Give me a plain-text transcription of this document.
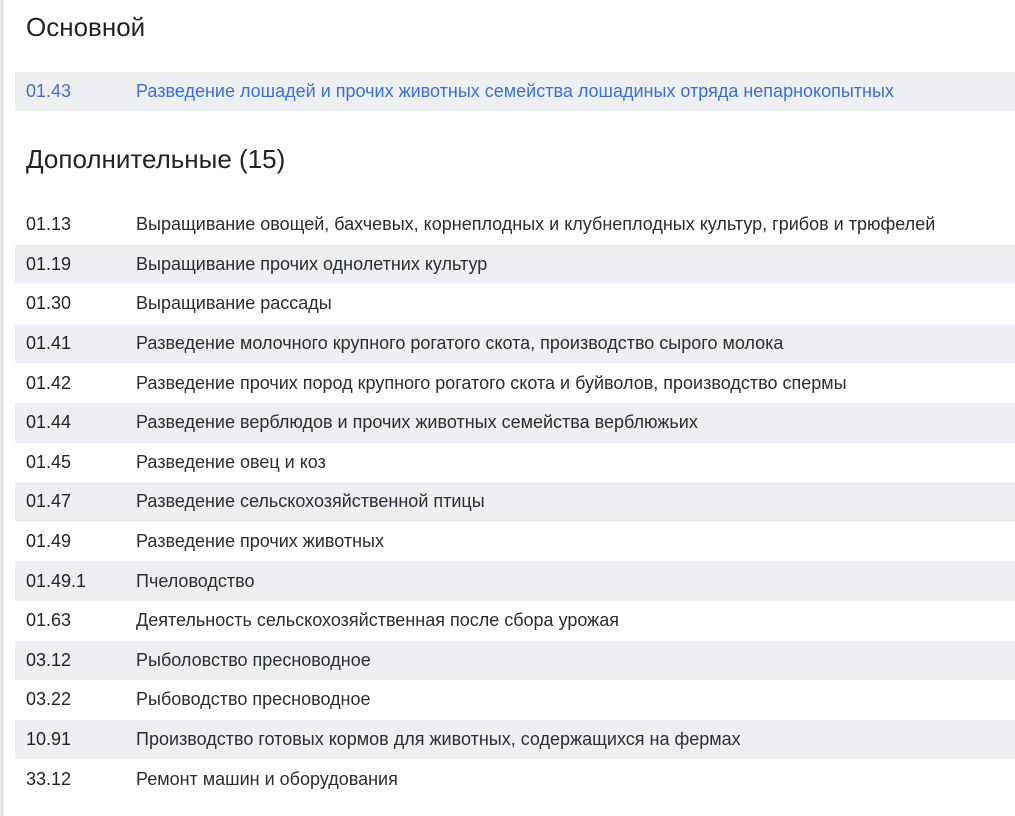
Основной
01.43	Разведение лошадей и прочих животных семейства лошадиных отряда непарнокопытных
Дополнительные (15)
01.13	Выращивание овощей, бахчевых, корнеплодных и клубнеплодных культур, грибов и трюфелей
01.19	Выращивание прочих однолетних культур
01.30	Выращивание рассады
01.41	Разведение молочного крупного рогатого скота, производство сырого молока
01.42	Разведение прочих пород крупного рогатого скота и буйволов, производство спермы
01.44	Разведение верблюдов и прочих животных семейства верблюжьих
01.45	Разведение овец и коз
01.47	Разведение сельскохозяйственной птицы
01.49	Разведение прочих животных
01.49.1	Пчеловодство
01.63	Деятельность сельскохозяйственная после сбора урожая
03.12	Рыболовство пресноводное
03.22	Рыбоводство пресноводное
10.91	Производство готовых кормов для животных, содержащихся на фермах
33.12	Ремонт машин и оборудования
